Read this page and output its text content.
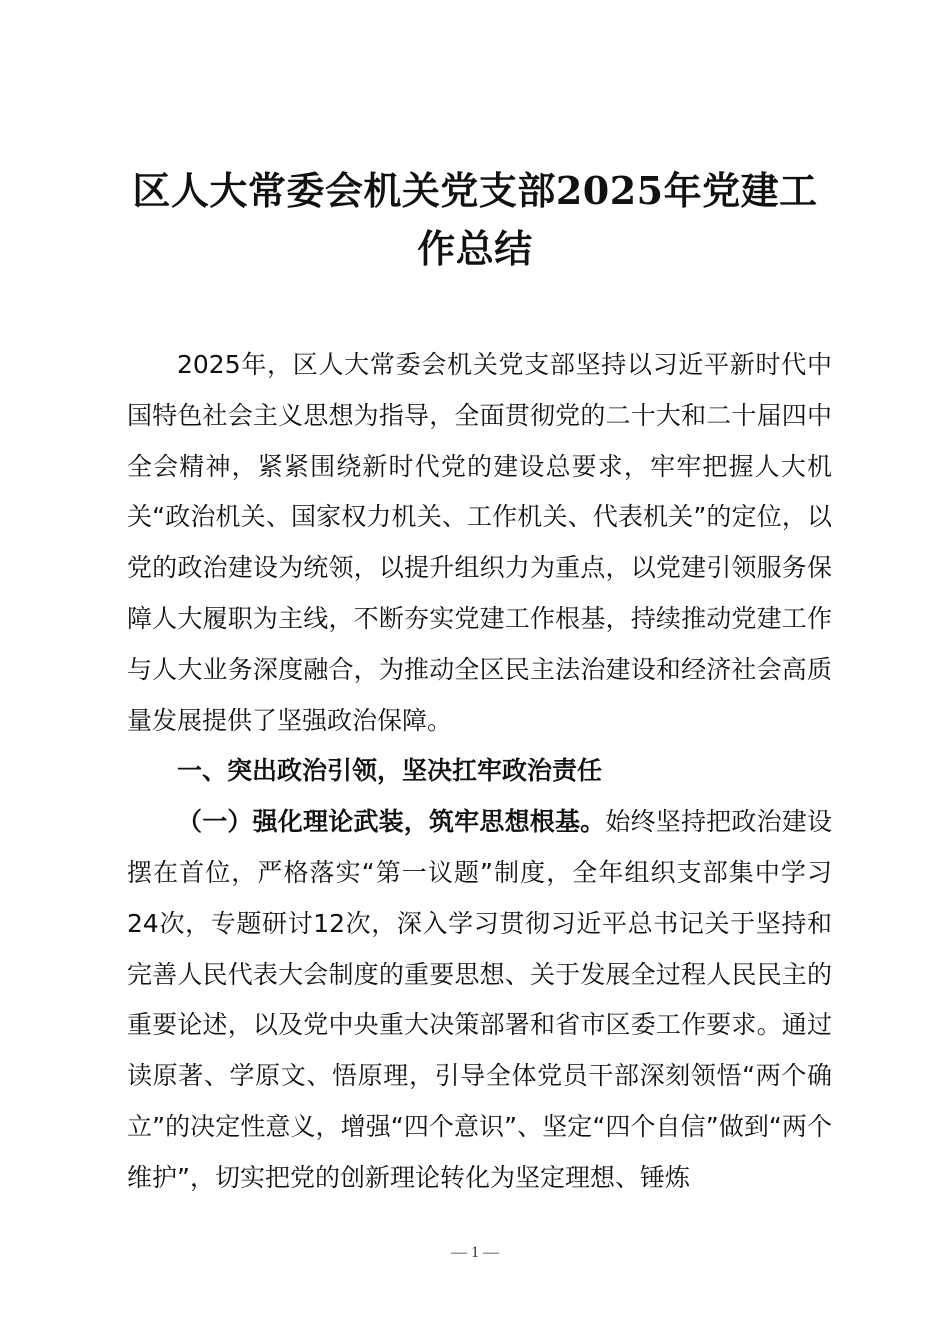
区人大常委会机关党支部2025年党建工
作总结

2025年，区人大常委会机关党支部坚持以习近平新时代中国特色社会主义思想为指导，全面贯彻党的二十大和二十届四中全会精神，紧紧围绕新时代党的建设总要求，牢牢把握人大机关“政治机关、国家权力机关、工作机关、代表机关”的定位，以党的政治建设为统领，以提升组织力为重点，以党建引领服务保障人大履职为主线，不断夯实党建工作根基，持续推动党建工作与人大业务深度融合，为推动全区民主法治建设和经济社会高质量发展提供了坚强政治保障。

一、突出政治引领，坚决扛牢政治责任

（一）强化理论武装，筑牢思想根基。始终坚持把政治建设摆在首位，严格落实“第一议题”制度，全年组织支部集中学习24次，专题研讨12次，深入学习贯彻习近平总书记关于坚持和完善人民代表大会制度的重要思想、关于发展全过程人民民主的重要论述，以及党中央重大决策部署和省市区委工作要求。通过读原著、学原文、悟原理，引导全体党员干部深刻领悟“两个确立”的决定性意义，增强“四个意识”、坚定“四个自信”做到“两个维护”，切实把党的创新理论转化为坚定理想、锤炼

— 1 —
